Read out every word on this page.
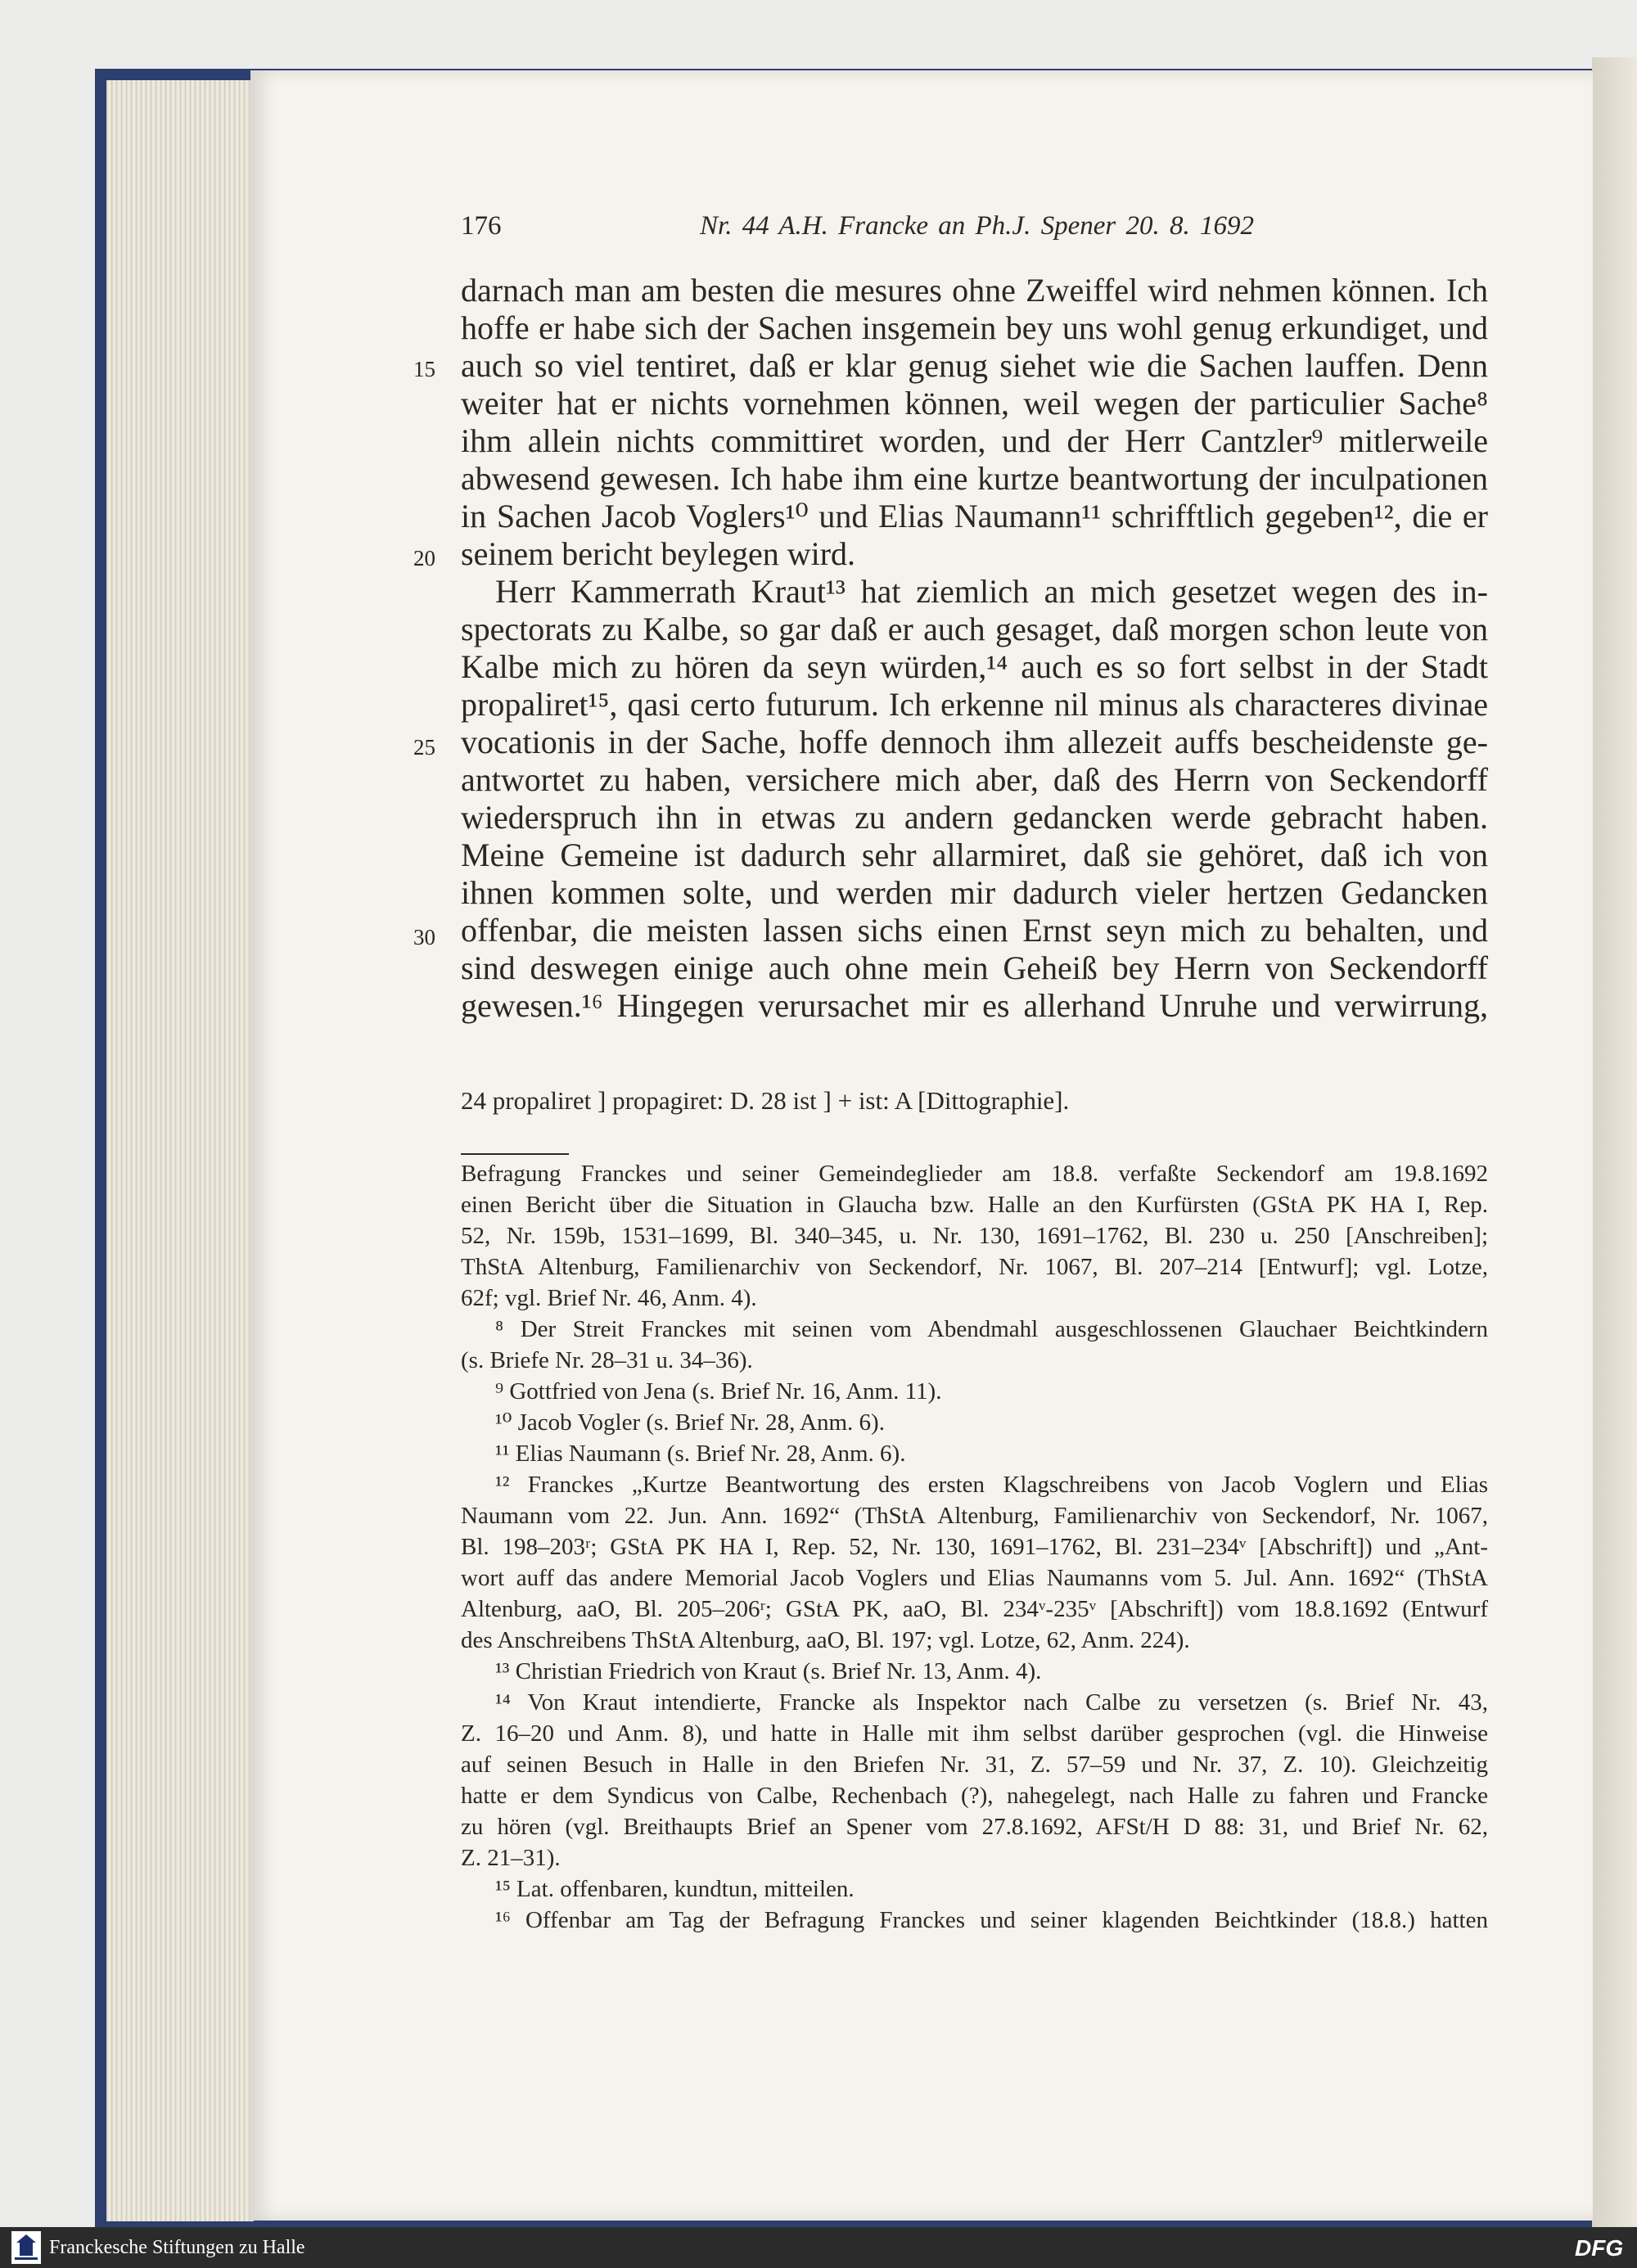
176	Nr. 44 A.H. Francke an Ph.J. Spener 20. 8. 1692
15
20
25
30
darnach man am besten die mesures ohne Zweiffel wird nehmen können. Ich
hoffe er habe sich der Sachen insgemein bey uns wohl genug erkundiget, und
auch so viel tentiret, daß er klar genug siehet wie die Sachen lauffen. Denn
weiter hat er nichts vornehmen können, weil wegen der particulier Sache⁸
ihm allein nichts committiret worden, und der Herr Cantzler⁹ mitlerweile
abwesend gewesen. Ich habe ihm eine kurtze beantwortung der inculpationen
in Sachen Jacob Voglers¹⁰ und Elias Naumann¹¹ schrifftlich gegeben¹², die er
seinem bericht beylegen wird.
Herr Kammerrath Kraut¹³ hat ziemlich an mich gesetzet wegen des in-
spectorats zu Kalbe, so gar daß er auch gesaget, daß morgen schon leute von
Kalbe mich zu hören da seyn würden,¹⁴ auch es so fort selbst in der Stadt
propaliret¹⁵, qasi certo futurum. Ich erkenne nil minus als characteres divinae
vocationis in der Sache, hoffe dennoch ihm allezeit auffs bescheidenste ge-
antwortet zu haben, versichere mich aber, daß des Herrn von Seckendorff
wiederspruch ihn in etwas zu andern gedancken werde gebracht haben.
Meine Gemeine ist dadurch sehr allarmiret, daß sie gehöret, daß ich von
ihnen kommen solte, und werden mir dadurch vieler hertzen Gedancken
offenbar, die meisten lassen sichs einen Ernst seyn mich zu behalten, und
sind deswegen einige auch ohne mein Geheiß bey Herrn von Seckendorff
gewesen.¹⁶ Hingegen verursachet mir es allerhand Unruhe und verwirrung,
24 propaliret ] propagiret: D. 28 ist ] + ist: A [Dittographie].
Befragung Franckes und seiner Gemeindeglieder am 18.8. verfaßte Seckendorf am 19.8.1692
einen Bericht über die Situation in Glaucha bzw. Halle an den Kurfürsten (GStA PK HA I, Rep.
52, Nr. 159b, 1531–1699, Bl. 340–345, u. Nr. 130, 1691–1762, Bl. 230 u. 250 [Anschreiben];
ThStA Altenburg, Familienarchiv von Seckendorf, Nr. 1067, Bl. 207–214 [Entwurf]; vgl. Lotze,
62f; vgl. Brief Nr. 46, Anm. 4).
⁸ Der Streit Franckes mit seinen vom Abendmahl ausgeschlossenen Glauchaer Beichtkindern
(s. Briefe Nr. 28–31 u. 34–36).
⁹ Gottfried von Jena (s. Brief Nr. 16, Anm. 11).
¹⁰ Jacob Vogler (s. Brief Nr. 28, Anm. 6).
¹¹ Elias Naumann (s. Brief Nr. 28, Anm. 6).
¹² Franckes „Kurtze Beantwortung des ersten Klagschreibens von Jacob Voglern und Elias
Naumann vom 22. Jun. Ann. 1692“ (ThStA Altenburg, Familienarchiv von Seckendorf, Nr. 1067,
Bl. 198–203ʳ; GStA PK HA I, Rep. 52, Nr. 130, 1691–1762, Bl. 231–234ᵛ [Abschrift]) und „Ant-
wort auff das andere Memorial Jacob Voglers und Elias Naumanns vom 5. Jul. Ann. 1692“ (ThStA
Altenburg, aaO, Bl. 205–206ʳ; GStA PK, aaO, Bl. 234ᵛ-235ᵛ [Abschrift]) vom 18.8.1692 (Entwurf
des Anschreibens ThStA Altenburg, aaO, Bl. 197; vgl. Lotze, 62, Anm. 224).
¹³ Christian Friedrich von Kraut (s. Brief Nr. 13, Anm. 4).
¹⁴ Von Kraut intendierte, Francke als Inspektor nach Calbe zu versetzen (s. Brief Nr. 43,
Z. 16–20 und Anm. 8), und hatte in Halle mit ihm selbst darüber gesprochen (vgl. die Hinweise
auf seinen Besuch in Halle in den Briefen Nr. 31, Z. 57–59 und Nr. 37, Z. 10). Gleichzeitig
hatte er dem Syndicus von Calbe, Rechenbach (?), nahegelegt, nach Halle zu fahren und Francke
zu hören (vgl. Breithaupts Brief an Spener vom 27.8.1692, AFSt/H D 88: 31, und Brief Nr. 62,
Z. 21–31).
¹⁵ Lat. offenbaren, kundtun, mitteilen.
¹⁶ Offenbar am Tag der Befragung Franckes und seiner klagenden Beichtkinder (18.8.) hatten
Franckesche Stiftungen zu Halle	DFG
